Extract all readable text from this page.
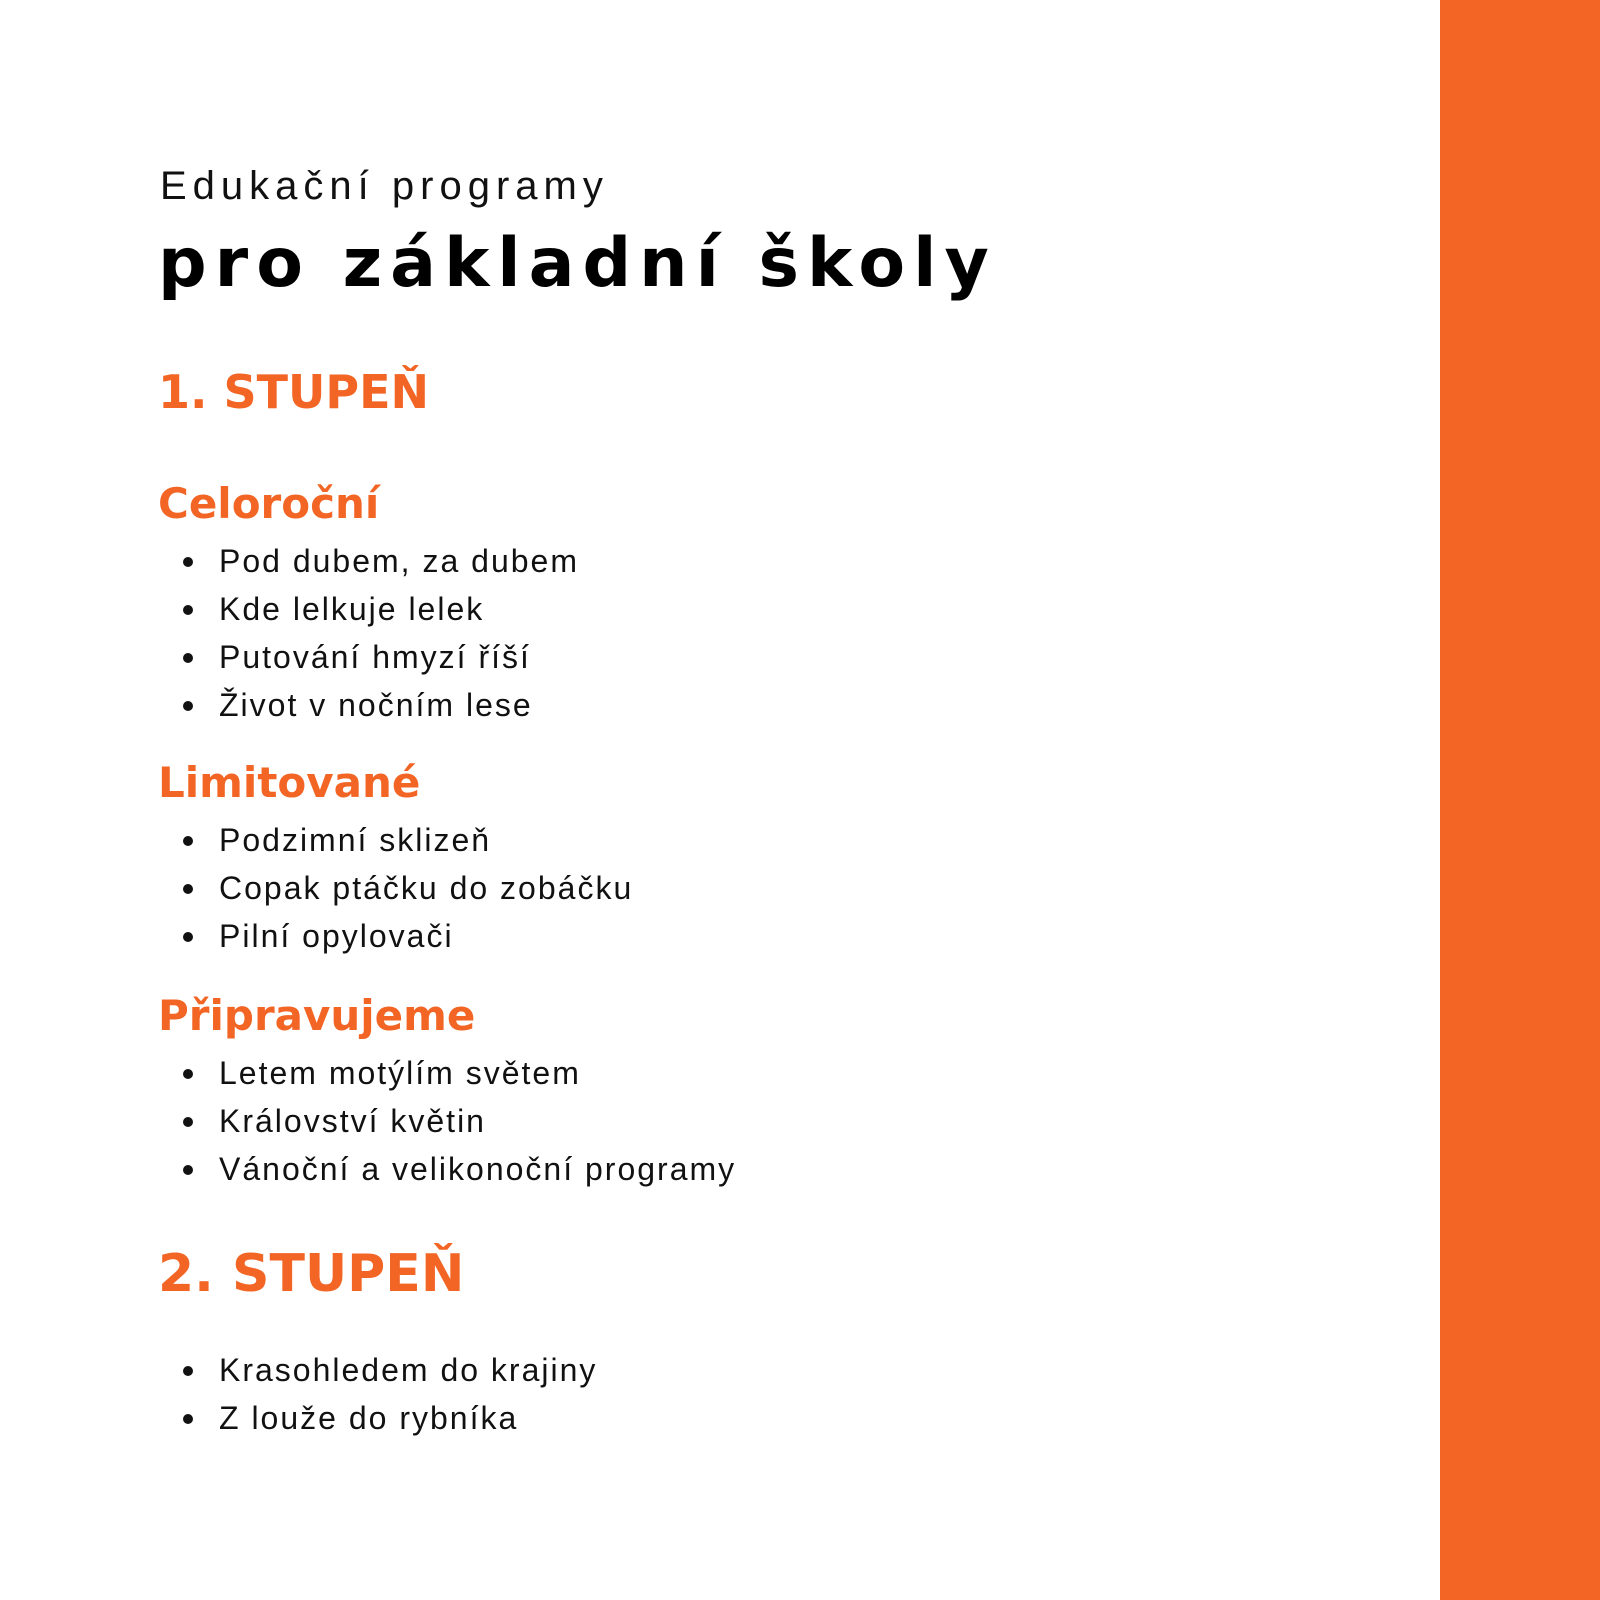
Edukační programy

pro základní školy
1. STUPEŇ
Celoroční
Pod dubem, za dubem
Kde lelkuje lelek
Putování hmyzí říší
Život v nočním lese
Limitované
Podzimní sklizeň
Copak ptáčku do zobáčku
Pilní opylovači
Připravujeme
Letem motýlím světem
Království květin
Vánoční a velikonoční programy
2. STUPEŇ
Krasohledem do krajiny
Z louže do rybníka
